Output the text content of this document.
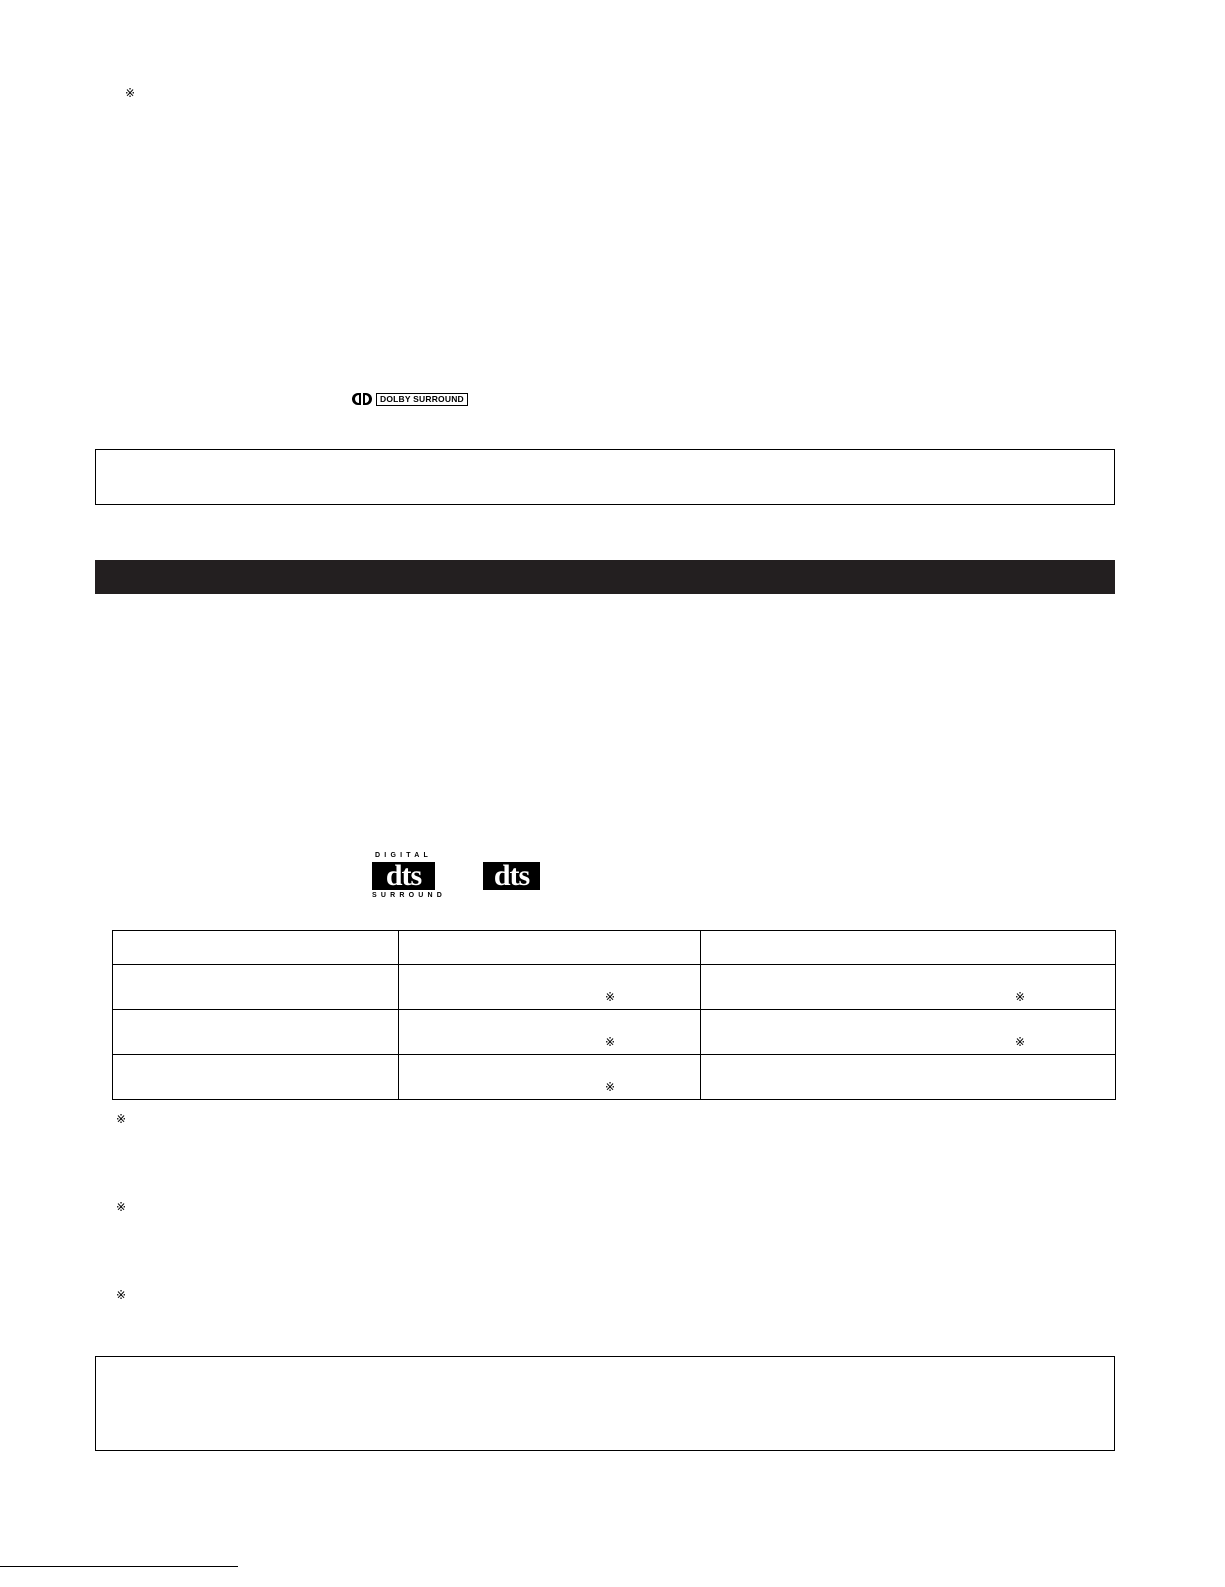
※
DOLBY SURROUND
DIGITAL
dts
SURROUND
dts

	※	※

	※	※

	※	

※
※
※
